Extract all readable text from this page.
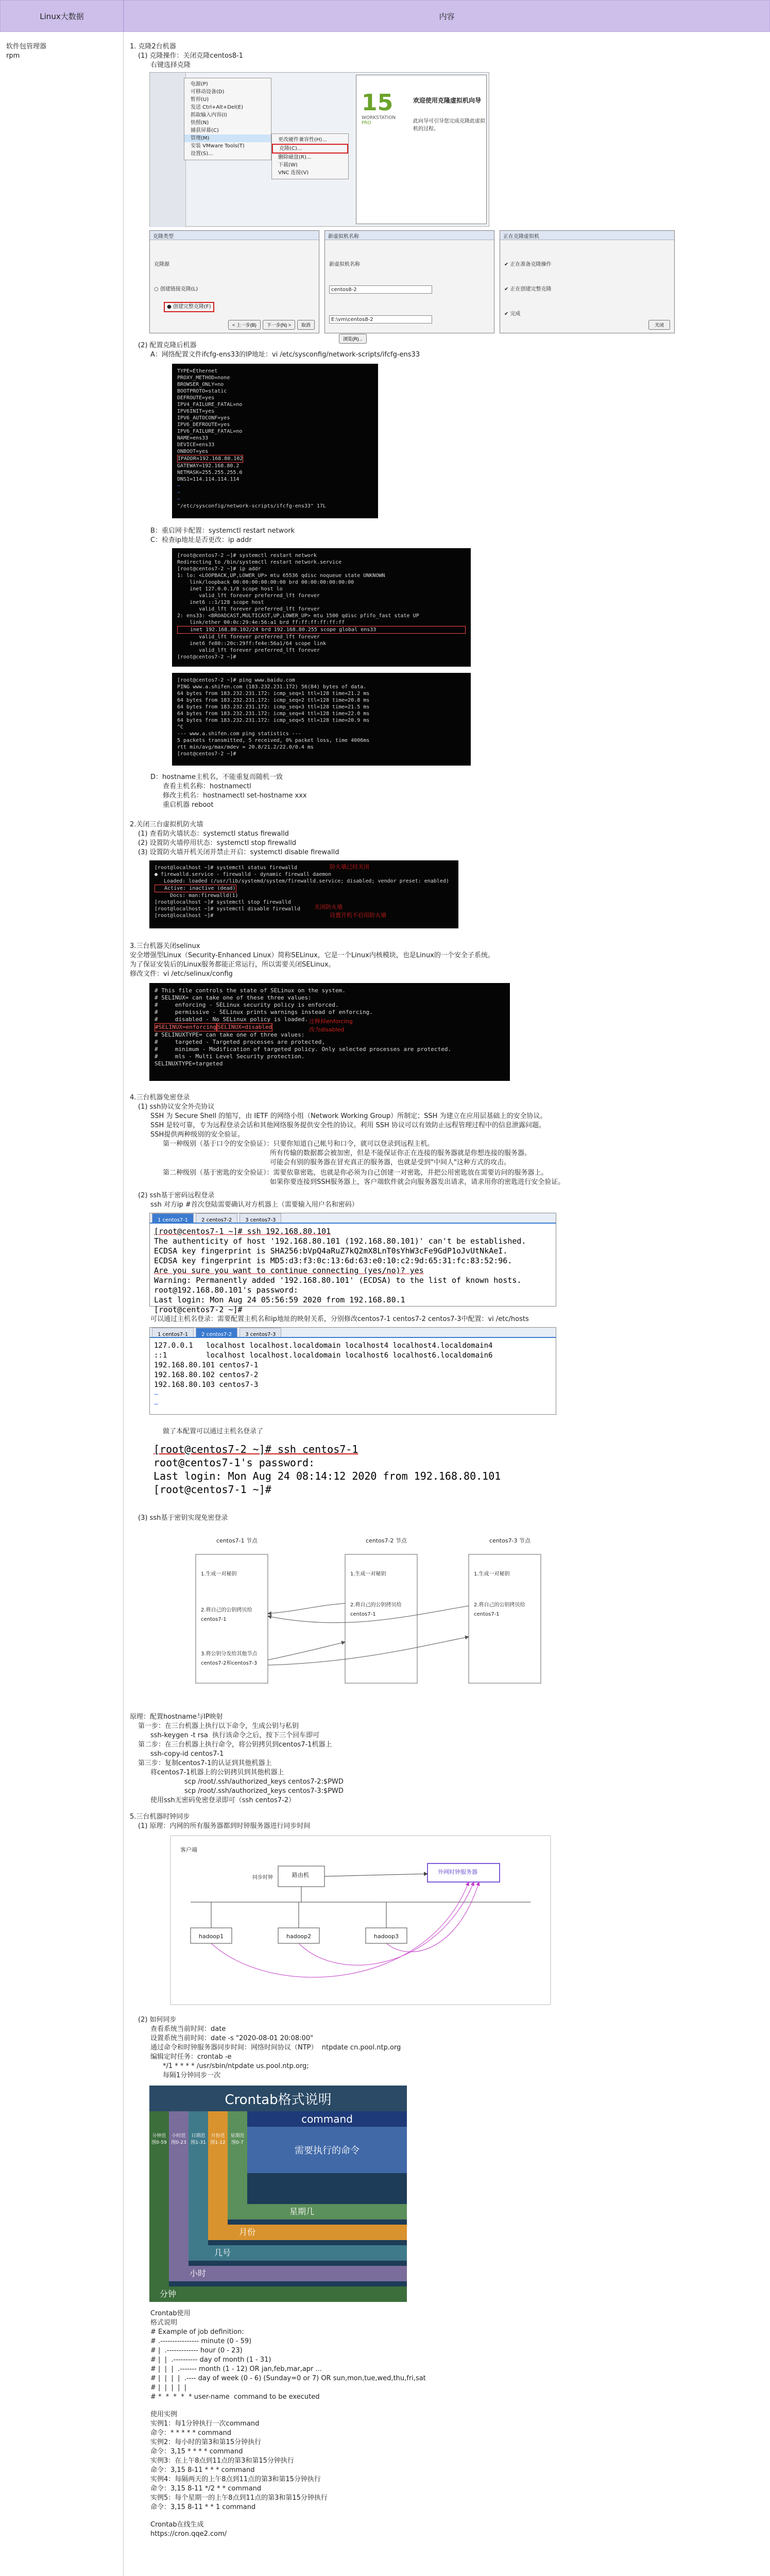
Linux大数据	内容
软件包管理器
rpm
1. 克隆2台机器
(1) 克隆操作：关闭克隆centos8-1
右键选择克隆
电源(P)
可移动设备(D)
暂停(U)
发送 Ctrl+Alt+Del(E)
抓取输入内容(I)
快照(N)
捕获屏幕(C)
管理(M)
安装 VMware Tools(T)
设置(S)...
更改硬件兼容性(H)...
克隆(C)...
删除磁盘(R)...
下载(W)
VNC 连接(V)
15
WORKSTATION
PRO
欢迎使用克隆虚拟机向导
此向导可引导您完成克隆此虚拟机的过程。
克隆类型

克隆源

○ 创建链接克隆(L)

● 创建完整克隆(F)

< 上一步(B)	下一步(N) >	取消
新虚拟机名称

新虚拟机名称

centos8-2

E:\vm\centos8-2

浏览(R)...

正在克隆虚拟机

✔ 正在准备克隆操作

✔ 正在创建完整克隆

✔ 完成

关闭
(2) 配置克隆后机器
A：网络配置文件ifcfg-ens33的IP地址：vi /etc/sysconfig/network-scripts/ifcfg-ens33
TYPE=Ethernet
PROXY_METHOD=none
BROWSER_ONLY=no
BOOTPROTO=static
DEFROUTE=yes
IPV4_FAILURE_FATAL=no
IPV6INIT=yes
IPV6_AUTOCONF=yes
IPV6_DEFROUTE=yes
IPV6_FAILURE_FATAL=no
NAME=ens33
DEVICE=ens33
ONBOOT=yes
IPADDR=192.168.80.102
GATEWAY=192.168.80.2
NETMASK=255.255.255.0
DNS1=114.114.114.114
~
~
~
"/etc/sysconfig/network-scripts/ifcfg-ens33" 17L
B：重启网卡配置：systemctl restart network
C：检查ip地址是否更改：ip addr
[root@centos7-2 ~]# systemctl restart network
Redirecting to /bin/systemctl restart network.service
[root@centos7-2 ~]# ip addr
1: lo: <LOOPBACK,UP,LOWER_UP> mtu 65536 qdisc noqueue state UNKNOWN
link/loopback 00:00:00:00:00:00 brd 00:00:00:00:00:00
inet 127.0.0.1/8 scope host lo
valid_lft forever preferred_lft forever
inet6 ::1/128 scope host
valid_lft forever preferred_lft forever
2: ens33: <BROADCAST,MULTICAST,UP,LOWER_UP> mtu 1500 qdisc pfifo_fast state UP
link/ether 00:0c:29:4e:56:a1 brd ff:ff:ff:ff:ff:ff
inet 192.168.80.102/24 brd 192.168.80.255 scope global ens33
valid_lft forever preferred_lft forever
inet6 fe80::20c:29ff:fe4e:56a1/64 scope link
valid_lft forever preferred_lft forever
[root@centos7-2 ~]#
[root@centos7-2 ~]# ping www.baidu.com
PING www.a.shifen.com (183.232.231.172) 56(84) bytes of data.
64 bytes from 183.232.231.172: icmp_seq=1 ttl=128 time=21.2 ms
64 bytes from 183.232.231.172: icmp_seq=2 ttl=128 time=20.8 ms
64 bytes from 183.232.231.172: icmp_seq=3 ttl=128 time=21.5 ms
64 bytes from 183.232.231.172: icmp_seq=4 ttl=128 time=22.0 ms
64 bytes from 183.232.231.172: icmp_seq=5 ttl=128 time=20.9 ms
^C
--- www.a.shifen.com ping statistics ---
5 packets transmitted, 5 received, 0% packet loss, time 4006ms
rtt min/avg/max/mdev = 20.8/21.2/22.0/0.4 ms
[root@centos7-2 ~]#
D：hostname主机名，不能重复而随机一致
查看主机名称：hostnamectl
修改主机名：hostnamectl set-hostname xxx
重启机器 reboot
2.关闭三台虚拟机防火墙
(1) 查看防火墙状态：systemctl status firewalld
(2) 设置防火墙停用状态：systemctl stop firewalld
(3) 设置防火墙开机关闭并禁止开启：systemctl disable firewalld
[root@localhost ~]# systemctl status firewalld
● firewalld.service - firewalld - dynamic firewall daemon
Loaded: loaded (/usr/lib/systemd/system/firewalld.service; disabled; vendor preset: enabled)
Active: inactive (dead)
Docs: man:firewalld(1)
[root@localhost ~]# systemctl stop firewalld
[root@localhost ~]# systemctl disable firewalld
[root@localhost ~]#
防火墙已经关闭
关闭防火墙
设置开机不启用防火墙
3.三台机器关闭selinux
安全增强型Linux（Security-Enhanced Linux）简称SELinux，它是一个Linux内核模块，也是Linux的一个安全子系统。
为了保证安装后的Linux服务都能正常运行，所以需要关闭SELinux。
修改文件：vi /etc/selinux/config
# This file controls the state of SELinux on the system.
# SELINUX= can take one of these three values:
#     enforcing - SELinux security policy is enforced.
#     permissive - SELinux prints warnings instead of enforcing.
#     disabled - No SELinux policy is loaded.
#SELINUX=enforcing SELINUX=disabled
# SELINUXTYPE= can take one of three values:
#     targeted - Targeted processes are protected,
#     minimum - Modification of targeted policy. Only selected processes are protected.
#     mls - Multi Level Security protection.
SELINUXTYPE=targeted
注释掉enforcing
改为disabled
4.三台机器免密登录
(1) ssh协议安全外壳协议
SSH 为 Secure Shell 的缩写，由 IETF 的网络小组（Network Working Group）所制定；SSH 为建立在应用层基础上的安全协议。
SSH 是较可靠，专为远程登录会话和其他网络服务提供安全性的协议。利用 SSH 协议可以有效防止远程管理过程中的信息泄露问题。
SSH提供两种级别的安全验证。
第一种级别（基于口令的安全验证）：只要你知道自己帐号和口令，就可以登录到远程主机。
所有传输的数据都会被加密，但是不能保证你正在连接的服务器就是你想连接的服务器。
可能会有别的服务器在冒充真正的服务器，也就是受到"中间人"这种方式的攻击。
第二种级别（基于密匙的安全验证）：需要依靠密匙，也就是你必须为自己创建一对密匙，并把公用密匙放在需要访问的服务器上。
如果你要连接到SSH服务器上，客户端软件就会向服务器发出请求，请求用你的密匙进行安全验证。
(2) ssh基于密码远程登录
ssh 对方ip #首次登陆需要确认对方机器上（需要输入用户名和密码）
1 centos7-1	2 centos7-2	3 centos7-3
[root@centos7-1 ~]# ssh 192.168.80.101
The authenticity of host '192.168.80.101 (192.168.80.101)' can't be established.
ECDSA key fingerprint is SHA256:bVpQ4aRuZ7kQ2mX8LnT0sYhW3cFe9GdP1oJvUtNkAeI.
ECDSA key fingerprint is MD5:d3:f3:0c:13:6d:63:e0:10:c2:9d:65:31:fc:83:52:96.
Are you sure you want to continue connecting (yes/no)? yes
Warning: Permanently added '192.168.80.101' (ECDSA) to the list of known hosts.
root@192.168.80.101's password:
Last login: Mon Aug 24 05:56:59 2020 from 192.168.80.1
[root@centos7-2 ~]#
可以通过主机名登录：需要配置主机名和ip地址的映射关系，分别修改centos7-1 centos7-2 centos7-3中配置：vi /etc/hosts
1 centos7-1	2 centos7-2	3 centos7-3
127.0.0.1   localhost localhost.localdomain localhost4 localhost4.localdomain4
::1         localhost localhost.localdomain localhost6 localhost6.localdomain6
192.168.80.101 centos7-1
192.168.80.102 centos7-2
192.168.80.103 centos7-3
~
~
做了本配置可以通过主机名登录了
[root@centos7-2 ~]# ssh centos7-1
root@centos7-1's password:
Last login: Mon Aug 24 08:14:12 2020 from 192.168.80.101
[root@centos7-1 ~]#
(3) ssh基于密钥实现免密登录
centos7-1 节点	centos7-2 节点	centos7-3 节点
1.生成一对秘钥
2.将自己的公钥拷贝给centos7-1
3.将公钥分发给其他节点centos7-2和centos7-3
1.生成一对秘钥
2.将自己的公钥拷贝给centos7-1
1.生成一对秘钥
2.将自己的公钥拷贝给centos7-1
原理：配置hostname与IP映射
第一步：在三台机器上执行以下命令，生成公钥与私钥
ssh-keygen -t rsa  执行该命令之后，按下三个回车即可
第二步：在三台机器上执行命令，将公钥拷贝到centos7-1机器上
ssh-copy-id centos7-1
第三步：复制centos7-1的认证到其他机器上
将centos7-1机器上的公钥拷贝到其他机器上
scp /root/.ssh/authorized_keys centos7-2:$PWD
scp /root/.ssh/authorized_keys centos7-3:$PWD
使用ssh无密码免密登录即可（ssh centos7-2）
5.三台机器时钟同步
(1) 原理：内网的所有服务器都到时钟服务器进行同步时间
客户端
路由机	外网时钟服务器
hadoop1	hadoop2	hadoop3
同步时钟
(2) 如何同步
查看系统当前时间：date
设置系统当前时间：date -s "2020-08-01 20:08:00"
通过命令和时钟服务器同步时间：网络时间协议（NTP）  ntpdate cn.pool.ntp.org
编辑定时任务：crontab -e
*/1 * * * * /usr/sbin/ntpdate us.pool.ntp.org;
每隔1分钟同步一次
Crontab格式说明
command
需要执行的命令
分钟范围0-59
小时范围0-23
日期范围1-31
月份范围1-12
星期范围0-7
星期几
月份
几号
小时
分钟
Crontab使用
格式说明
# Example of job definition:
# .---------------- minute (0 - 59)
# |  .------------- hour (0 - 23)
# |  |  .---------- day of month (1 - 31)
# |  |  |  .------- month (1 - 12) OR jan,feb,mar,apr ...
# |  |  |  |  .---- day of week (0 - 6) (Sunday=0 or 7) OR sun,mon,tue,wed,thu,fri,sat
# |  |  |  |  |
# *  *  *  *  * user-name  command to be executed
使用实例
实例1：每1分钟执行一次command
命令：* * * * * command
实例2：每小时的第3和第15分钟执行
命令：3,15 * * * * command
实例3：在上午8点到11点的第3和第15分钟执行
命令：3,15 8-11 * * * command
实例4：每隔两天的上午8点到11点的第3和第15分钟执行
命令：3,15 8-11 */2 * * command
实例5：每个星期一的上午8点到11点的第3和第15分钟执行
命令：3,15 8-11 * * 1 command
Crontab在线生成
https://cron.qqe2.com/
